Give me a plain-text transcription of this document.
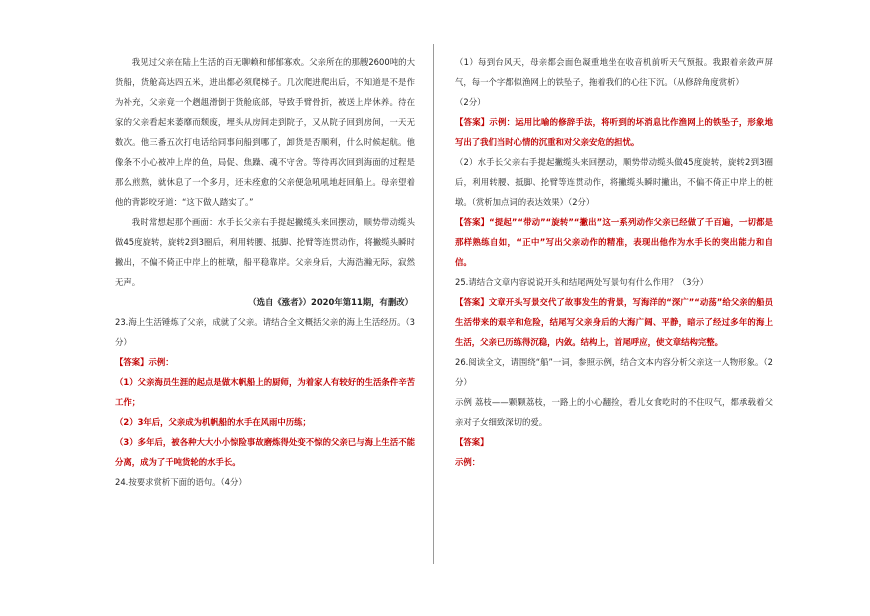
我见过父亲在陆上生活的百无聊赖和郁郁寡欢。父亲所在的那艘2600吨的大货船，货舱高达四五米，进出都必须爬梯子。几次爬进爬出后，不知道是不是作为补充，父亲竟一个趔趄滑倒于货舱底部，导致手臂骨折，被送上岸休养。待在家的父亲看起来萎靡而颓废，埋头从房间走到院子，又从院子回到房间，一天无数次。他三番五次打电话给同事问船到哪了，卸货是否顺利，什么时候起航。他像条不小心被冲上岸的鱼，局促、焦躁、魂不守舍。等待再次回到海面的过程是那么煎熬，就休息了一个多月，还未痊愈的父亲便急吼吼地赶回船上。母亲望着他的背影咬牙道：“这下做人踏实了。”

我时常想起那个画面：水手长父亲右手提起撇缆头来回摆动，顺势带动缆头做45度旋转，旋转2到3圈后，利用转腰、抵脚、抡臂等连贯动作，将撇缆头瞬时撇出，不偏不倚正中岸上的桩墩，船平稳靠岸。父亲身后，大海浩瀚无际，寂然无声。

（选自《涨者》）2020年第11期，有删改）

23.海上生活锤炼了父亲，成就了父亲。请结合全文概括父亲的海上生活经历。（3分）

【答案】示例：

（1）父亲海员生涯的起点是做木帆船上的厨师，为着家人有较好的生活条件辛苦工作；

（2）3年后，父亲成为机帆船的水手在风雨中历练；

（3）多年后，被各种大大小小惊险事故磨炼得处变不惊的父亲已与海上生活不能分离，成为了千吨货轮的水手长。

24.按要求赏析下面的语句。（4分）

（1）每到台风天，母亲都会面色凝重地坐在收音机前听天气预报。我跟着亲敛声屏气，每一个字都似渔网上的铁坠子，拖着我们的心往下沉。（从修辞角度赏析）

（2分）

【答案】示例：运用比喻的修辞手法，将听到的坏消息比作渔网上的铁坠子，形象地写出了我们当时心情的沉重和对父亲安危的担忧。

（2）水手长父亲右手提起撇缆头来回摆动，顺势带动缆头做45度旋转，旋转2到3圈后，利用转腰、抵脚、抡臂等连贯动作，将撇缆头瞬时撇出，不偏不倚正中岸上的桩墩。（赏析加点词的表达效果）（2分）

【答案】“提起”“带动”“旋转”“撇出”这一系列动作父亲已经做了千百遍，一切都是那样熟练自如，“正中”写出父亲动作的精准，表现出他作为水手长的突出能力和自信。

25.请结合文章内容说说开头和结尾两处写景句有什么作用？（3分）

【答案】文章开头写景交代了故事发生的背景，写海洋的“深广”“动荡”给父亲的船员生活带来的艰辛和危险，结尾写父亲身后的大海广阔、平静，暗示了经过多年的海上生活，父亲已历练得沉稳，内敛。结构上，首尾呼应，使文章结构完整。

26.阅读全文，请围绕“船”一词，参照示例，结合文本内容分析父亲这一人物形象。（2分）

示例 荔枝——颗颗荔枝，一路上的小心翻捡，看儿女食吃时的不住叹气，都承载着父亲对子女细致深切的爱。

【答案】

示例：
